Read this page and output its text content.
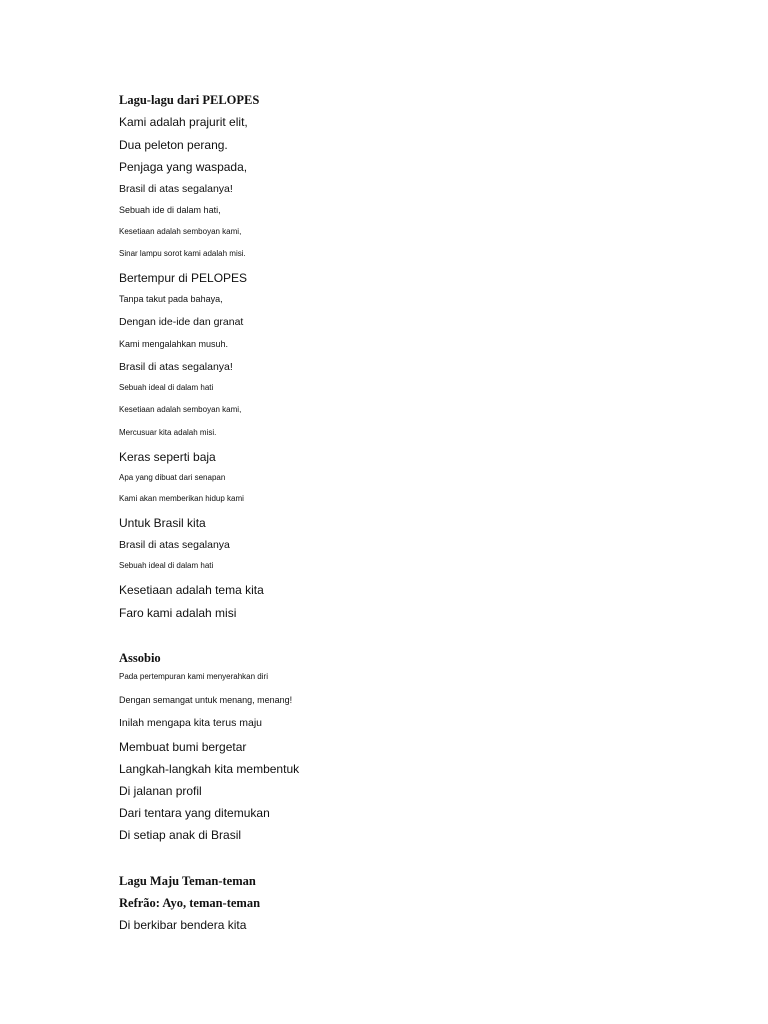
Lagu-lagu dari PELOPES
Kami adalah prajurit elit,
Dua peleton perang.
Penjaga yang waspada,
Brasil di atas segalanya!
Sebuah ide di dalam hati,
Kesetiaan adalah semboyan kami,
Sinar lampu sorot kami adalah misi.
Bertempur di PELOPES
Tanpa takut pada bahaya,
Dengan ide-ide dan granat
Kami mengalahkan musuh.
Brasil di atas segalanya!
Sebuah ideal di dalam hati
Kesetiaan adalah semboyan kami,
Mercusuar kita adalah misi.
Keras seperti baja
Apa yang dibuat dari senapan
Kami akan memberikan hidup kami
Untuk Brasil kita
Brasil di atas segalanya
Sebuah ideal di dalam hati
Kesetiaan adalah tema kita
Faro kami adalah misi
Assobio
Pada pertempuran kami menyerahkan diri
Dengan semangat untuk menang, menang!
Inilah mengapa kita terus maju
Membuat bumi bergetar
Langkah-langkah kita membentuk
Di jalanan profil
Dari tentara yang ditemukan
Di setiap anak di Brasil
Lagu Maju Teman-teman
Refrão: Ayo, teman-teman
Di berkibar bendera kita
